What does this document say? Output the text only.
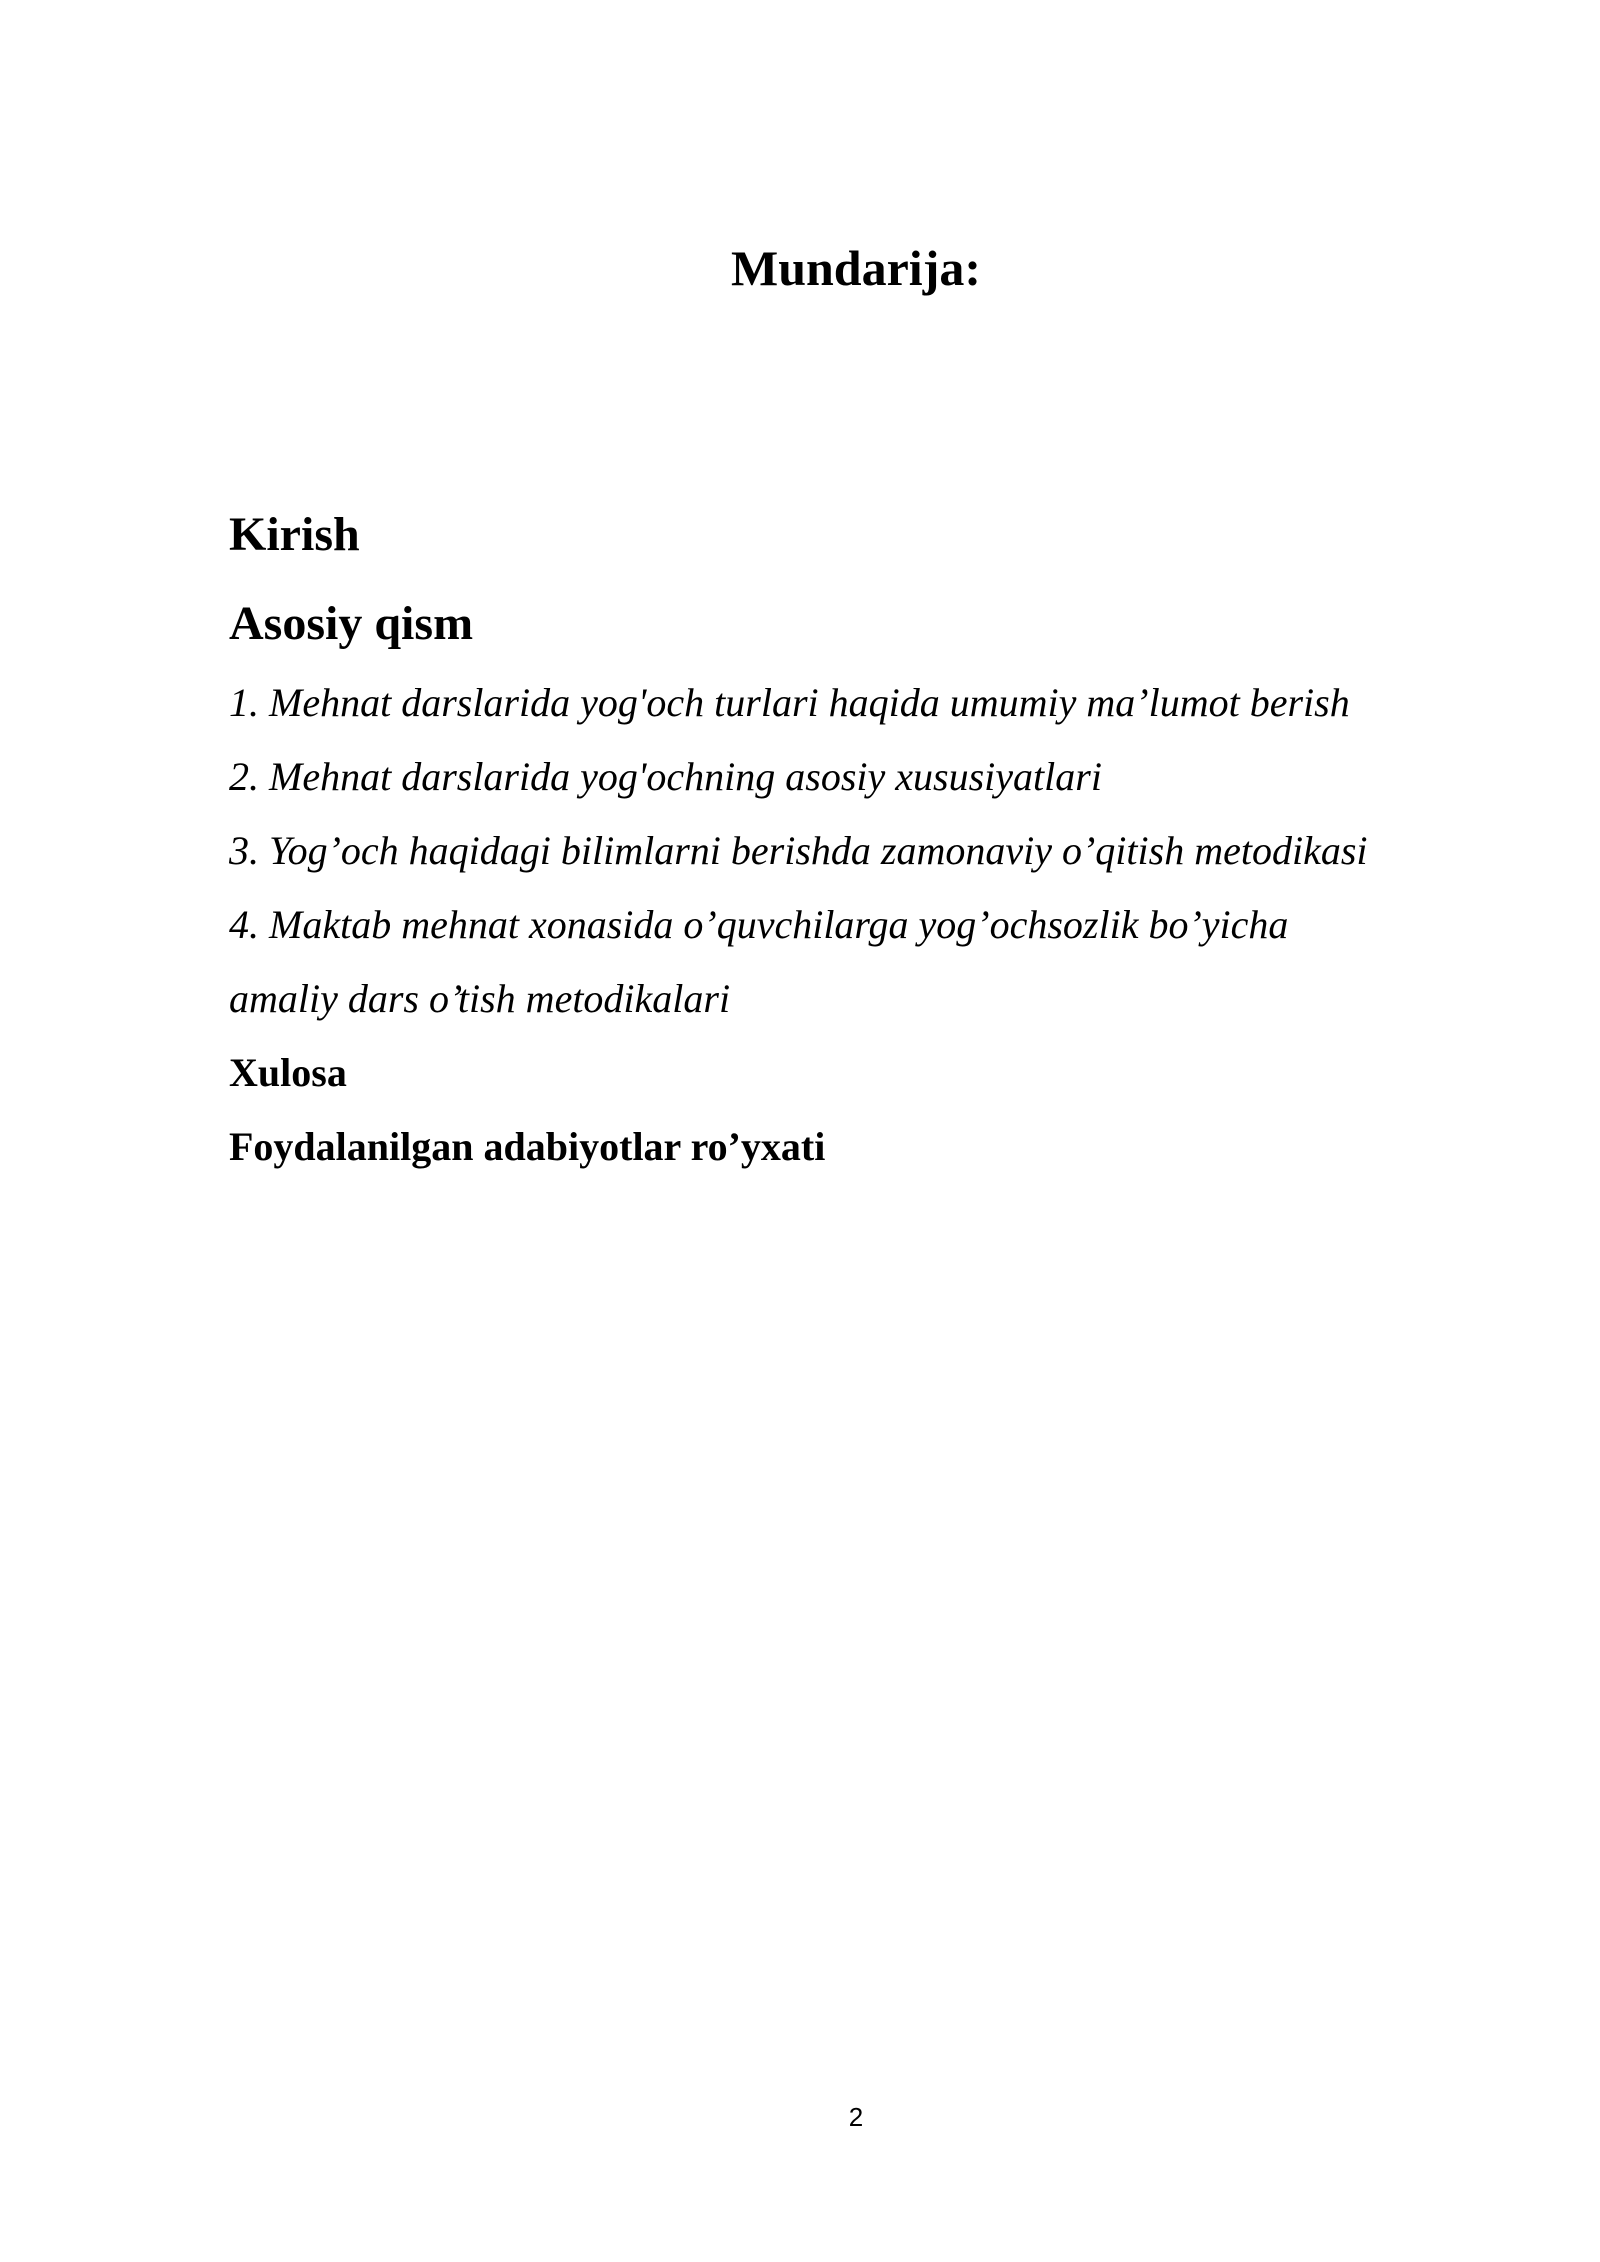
Mundarija:
Kirish
Asosiy qism
1. Mehnat darslarida yog'och turlari haqida umumiy ma’lumot berish
2. Mehnat darslarida yog'ochning asosiy xususiyatlari
3. Yog’och haqidagi bilimlarni berishda zamonaviy o’qitish metodikasi
4. Maktab mehnat xonasida o’quvchilarga yog’ochsozlik bo’yicha
amaliy dars o’tish metodikalari
Xulosa
Foydalanilgan adabiyotlar ro’yxati
2
